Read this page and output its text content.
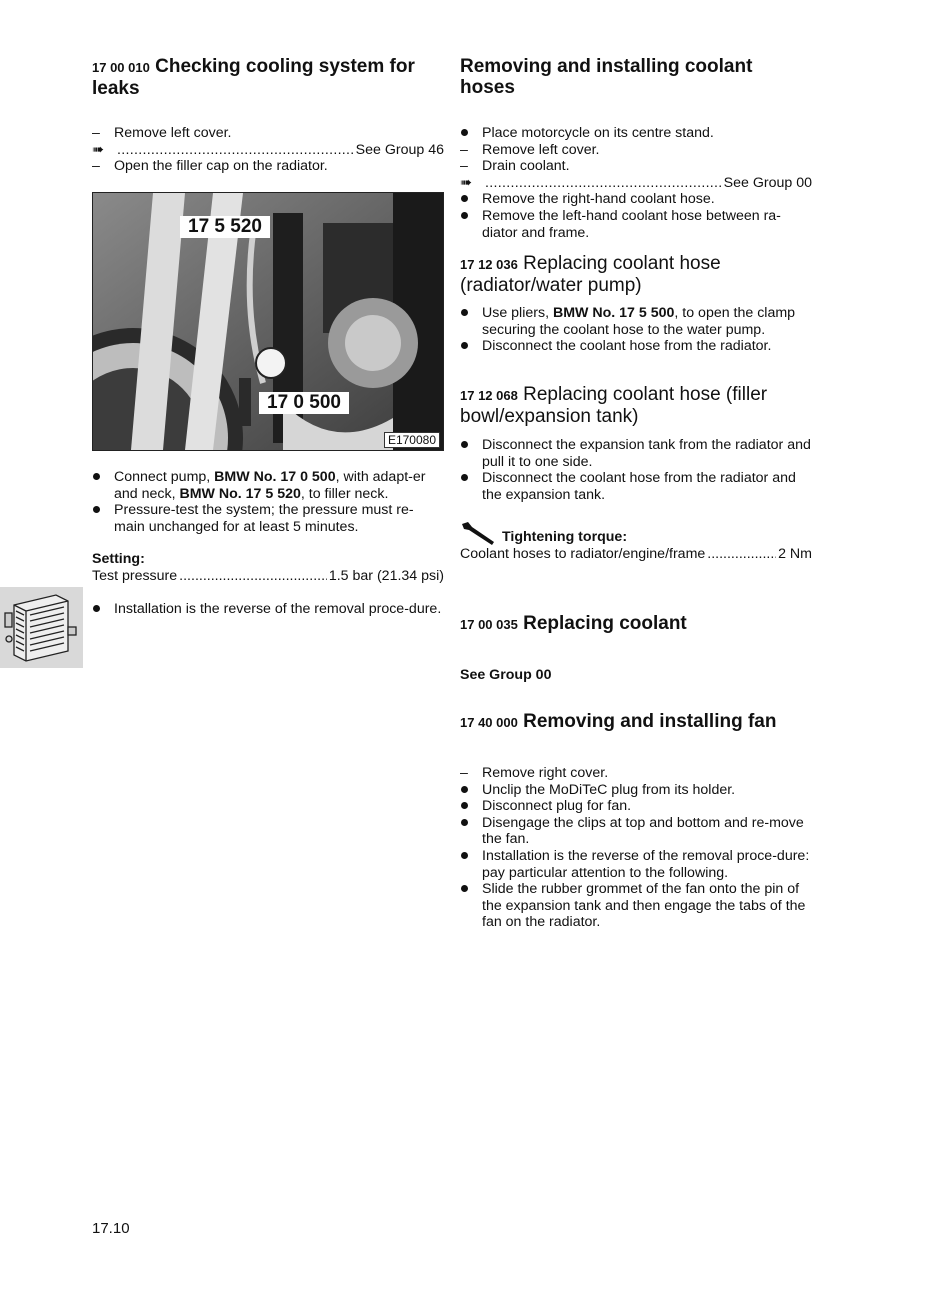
17 00 010 Checking cooling system for leaks
– Remove left cover.
➠ .....	See Group 46
– Open the filler cap on the radiator.
17 5 520
17 0 500
E170080
Connect pump, BMW No. 17 0 500, with adapt-er and neck, BMW No. 17 5 520, to filler neck.
Pressure-test the system; the pressure must re-main unchanged for at least 5 minutes.
Setting:
Test pressure .....	1.5 bar (21.34 psi)
Installation is the reverse of the removal proce-dure.
Removing and installing coolant hoses
Place motorcycle on its centre stand.
– Remove left cover.
– Drain coolant.
➠ .....	See Group 00
Remove the right-hand coolant hose.
Remove the left-hand coolant hose between ra-diator and frame.
17 12 036 Replacing coolant hose (radiator/water pump)
Use pliers, BMW No. 17 5 500, to open the clamp securing the coolant hose to the water pump.
Disconnect the coolant hose from the radiator.
17 12 068 Replacing coolant hose (filler bowl/expansion tank)
Disconnect the expansion tank from the radiator and pull it to one side.
Disconnect the coolant hose from the radiator and the expansion tank.
Tightening torque:
Coolant hoses to radiator/engine/frame .....	2 Nm
17 00 035 Replacing coolant
See Group 00
17 40 000 Removing and installing fan
– Remove right cover.
Unclip the MoDiTeC plug from its holder.
Disconnect plug for fan.
Disengage the clips at top and bottom and re-move the fan.
Installation is the reverse of the removal proce-dure: pay particular attention to the following.
Slide the rubber grommet of the fan onto the pin of the expansion tank and then engage the tabs of the fan on the radiator.
17.10
